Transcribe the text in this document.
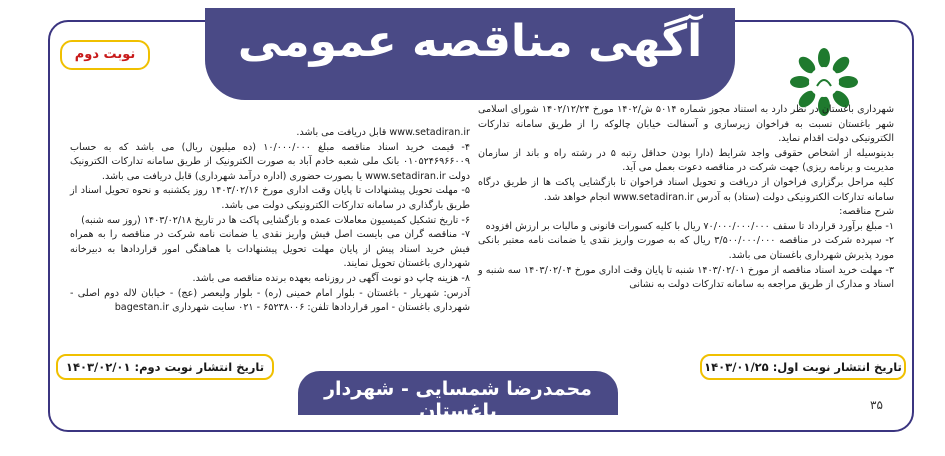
آگهی مناقصه عمومی
نوبت دوم

شهرداری باغستان در نظر دارد به استناد مجوز شماره ۵۰۱۴ ش/۱۴۰۲ مورخ ۱۴۰۲/۱۲/۲۴ شورای اسلامی شهر باغستان نسبت به فراخوان زیرسازی و آسفالت خیابان چالوکه را از طریق سامانه تدارکات الکترونیکی دولت اقدام نماید.

بدینوسیله از اشخاص حقوقی واجد شرایط (دارا بودن حداقل رتبه ۵ در رشته راه و باند از سازمان مدیریت و برنامه ریزی) جهت شرکت در مناقصه دعوت بعمل می آید.

کلیه مراحل برگزاری فراخوان از دریافت و تحویل اسناد فراخوان تا بازگشایی پاکت ها از طریق درگاه سامانه تدارکات الکترونیکی دولت (ستاد) به آدرس www.setadiran.ir انجام خواهد شد.

شرح مناقصه:

۱- مبلغ برآورد قرارداد تا سقف ۷۰/۰۰۰/۰۰۰/۰۰۰ ریال با کلیه کسورات قانونی و مالیات بر ارزش افزوده

۲- سپرده شرکت در مناقصه ۳/۵۰۰/۰۰۰/۰۰۰ ریال که به صورت واریز نقدی یا ضمانت نامه معتبر بانکی مورد پذیرش شهرداری باغستان می باشد.

۳- مهلت خرید اسناد مناقصه از مورخ ۱۴۰۳/۰۲/۰۱ شنبه تا پایان وقت اداری مورخ ۱۴۰۳/۰۲/۰۴ سه شنبه و اسناد و مدارک از طریق مراجعه به سامانه تدارکات دولت به نشانی

www.setadiran.ir قابل دریافت می باشد.

۴- قیمت خرید اسناد مناقصه مبلغ ۱۰/۰۰۰/۰۰۰ (ده میلیون ریال) می باشد که به حساب ۰۱۰۵۲۴۶۹۶۶۰۰۹ بانک ملی شعبه خادم آباد به صورت الکترونیک از طریق سامانه تدارکات الکترونیک دولت www.setadiran.ir یا بصورت حضوری (اداره درآمد شهرداری) قابل دریافت می باشد.

۵- مهلت تحویل پیشنهادات تا پایان وقت اداری مورخ ۱۴۰۳/۰۲/۱۶ روز یکشنبه و نحوه تحویل اسناد از طریق بارگذاری در سامانه تدارکات الکترونیکی دولت می باشد.

۶- تاریخ تشکیل کمیسیون معاملات عمده و بازگشایی پاکت ها در تاریخ ۱۴۰۳/۰۲/۱۸ (روز سه شنبه)

۷- مناقصه گران می بایست اصل فیش واریز نقدی یا ضمانت نامه شرکت در مناقصه را به همراه فیش خرید اسناد پیش از پایان مهلت تحویل پیشنهادات با هماهنگی امور قراردادها به دبیرخانه شهرداری باغستان تحویل نمایند.

۸- هزینه چاپ دو نوبت آگهی در روزنامه بعهده برنده مناقصه می باشد.

آدرس: شهریار - باغستان - بلوار امام خمینی (ره) - بلوار ولیعصر (عج) - خیابان لاله دوم اصلی - شهرداری باغستان - امور قراردادها تلفن: ۶۵۲۳۸۰۰۶ - ۰۲۱ سایت شهرداری bagestan.ir

تاریخ انتشار نوبت اول: ۱۴۰۳/۰۱/۲۵
تاریخ انتشار نوبت دوم: ۱۴۰۳/۰۲/۰۱
محمدرضا شمسایی - شهردار باغستان	۳۵
